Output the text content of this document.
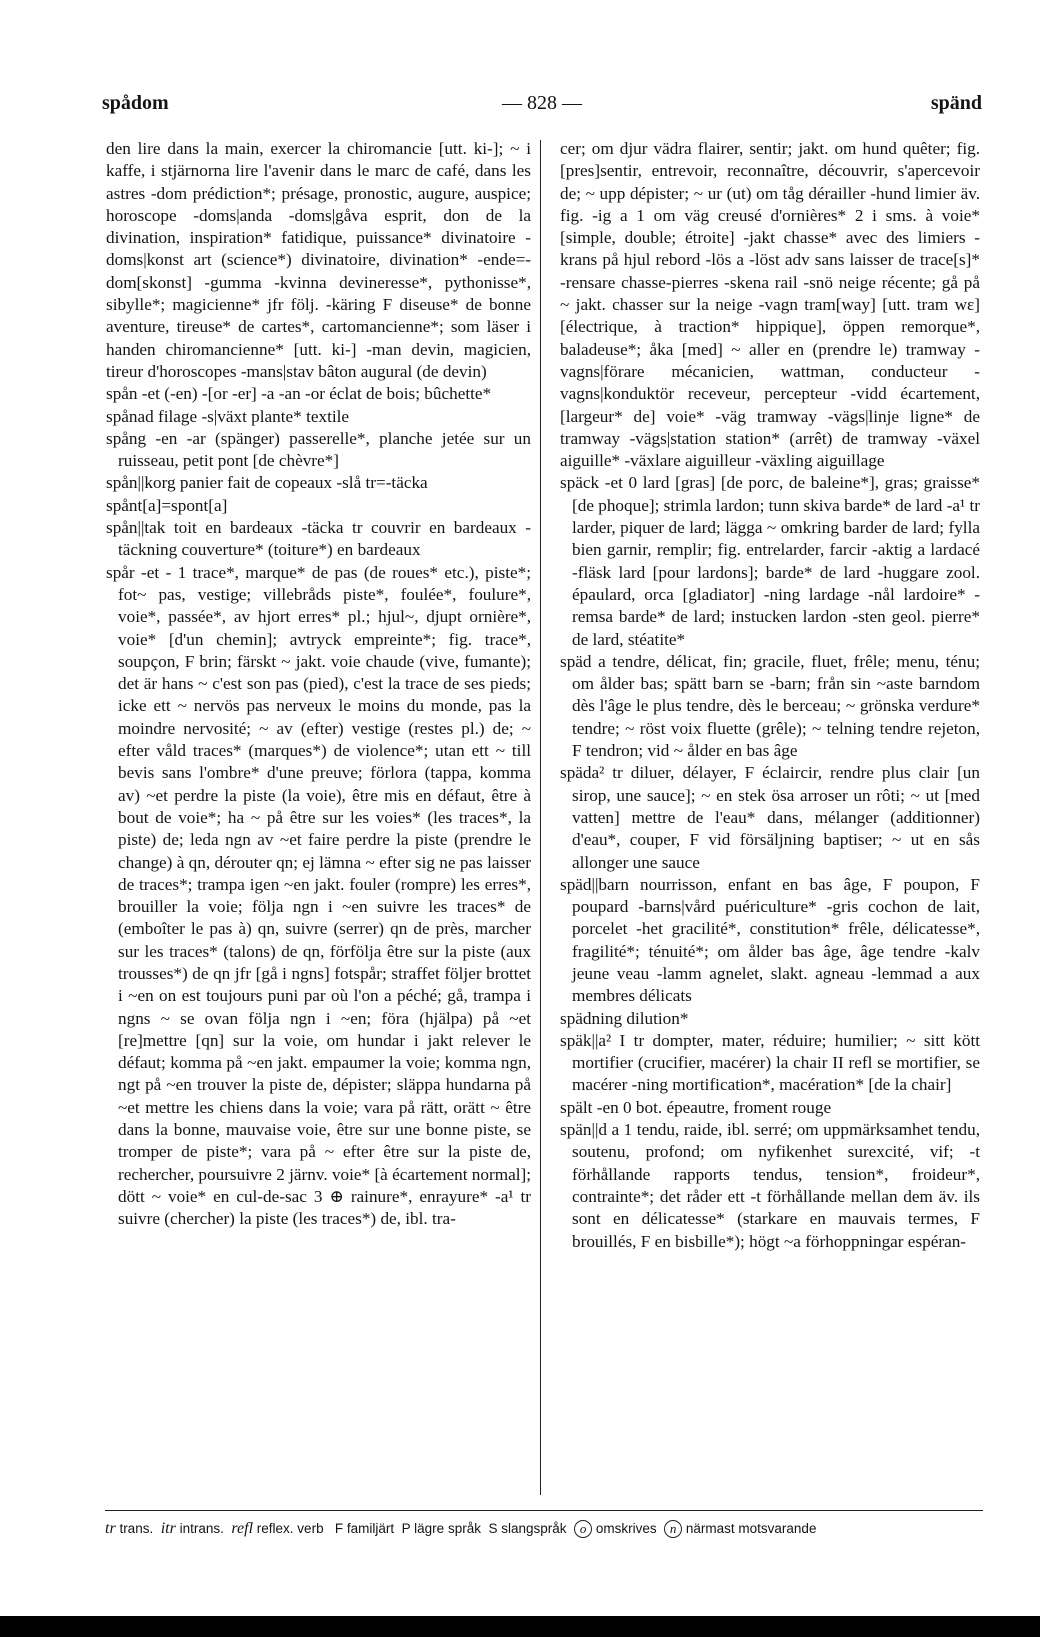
spådom	— 828 —	spänd

den lire dans la main, exercer la chiromancie [utt. ki-]; ~ i kaffe, i stjärnorna lire l'avenir dans le marc de café, dans les astres -dom prédiction*; présage, pronostic, augure, auspice; horoscope -doms|anda -doms|gåva esprit, don de la divination, inspiration* fatidique, puissance* divinatoire -doms|konst art (science*) divinatoire, divination* -ende=-dom[skonst] -gumma -kvinna devineresse*, pythonisse*, sibylle*; magicienne* jfr följ. -käring F diseuse* de bonne aventure, tireuse* de cartes*, cartomancienne*; som läser i handen chiromancienne* [utt. ki-] -man devin, magicien, tireur d'horoscopes -mans|stav bâton augural (de devin)

spån -et (-en) -[or -er] -a -an -or éclat de bois; bûchette*

spånad filage -s|växt plante* textile

spång -en -ar (spänger) passerelle*, planche jetée sur un ruisseau, petit pont [de chèvre*]

spån||korg panier fait de copeaux -slå tr=-täcka

spånt[a]=spont[a]

spån||tak toit en bardeaux -täcka tr couvrir en bardeaux -täckning couverture* (toiture*) en bardeaux

spår -et - 1 trace*, marque* de pas (de roues* etc.), piste*; fot~ pas, vestige; villebråds piste*, foulée*, foulure*, voie*, passée*, av hjort erres* pl.; hjul~, djupt ornière*, voie* [d'un chemin]; avtryck empreinte*; fig. trace*, soupçon, F brin; färskt ~ jakt. voie chaude (vive, fumante); det är hans ~ c'est son pas (pied), c'est la trace de ses pieds; icke ett ~ nervös pas nerveux le moins du monde, pas la moindre nervosité; ~ av (efter) vestige (restes pl.) de; ~ efter våld traces* (marques*) de violence*; utan ett ~ till bevis sans l'ombre* d'une preuve; förlora (tappa, komma av) ~et perdre la piste (la voie), être mis en défaut, être à bout de voie*; ha ~ på être sur les voies* (les traces*, la piste) de; leda ngn av ~et faire perdre la piste (prendre le change) à qn, dérouter qn; ej lämna ~ efter sig ne pas laisser de traces*; trampa igen ~en jakt. fouler (rompre) les erres*, brouiller la voie; följa ngn i ~en suivre les traces* de (emboîter le pas à) qn, suivre (serrer) qn de près, marcher sur les traces* (talons) de qn, förfölja être sur la piste (aux trousses*) de qn jfr [gå i ngns] fotspår; straffet följer brottet i ~en on est toujours puni par où l'on a péché; gå, trampa i ngns ~ se ovan följa ngn i ~en; föra (hjälpa) på ~et [re]mettre [qn] sur la voie, om hundar i jakt relever le défaut; komma på ~en jakt. empaumer la voie; komma ngn, ngt på ~en trouver la piste de, dépister; släppa hundarna på ~et mettre les chiens dans la voie; vara på rätt, orätt ~ être dans la bonne, mauvaise voie, être sur une bonne piste, se tromper de piste*; vara på ~ efter être sur la piste de, rechercher, poursuivre 2 järnv. voie* [à écartement normal]; dött ~ voie* en cul-de-sac 3 ⊕ rainure*, enrayure* -a¹ tr suivre (chercher) la piste (les traces*) de, ibl. tra-

cer; om djur vädra flairer, sentir; jakt. om hund quêter; fig. [pres]sentir, entrevoir, reconnaître, découvrir, s'apercevoir de; ~ upp dépister; ~ ur (ut) om tåg dérailler -hund limier äv. fig. -ig a 1 om väg creusé d'ornières* 2 i sms. à voie* [simple, double; étroite] -jakt chasse* avec des limiers -krans på hjul rebord -lös a -löst adv sans laisser de trace[s]* -rensare chasse-pierres -skena rail -snö neige récente; gå på ~ jakt. chasser sur la neige -vagn tram[way] [utt. tram wɛ] [électrique, à traction* hippique], öppen remorque*, baladeuse*; åka [med] ~ aller en (prendre le) tramway -vagns|förare mécanicien, wattman, conducteur -vagns|konduktör receveur, percepteur -vidd écartement, [largeur* de] voie* -väg tramway -vägs|linje ligne* de tramway -vägs|station station* (arrêt) de tramway -växel aiguille* -växlare aiguilleur -växling aiguillage

späck -et 0 lard [gras] [de porc, de baleine*], gras; graisse* [de phoque]; strimla lardon; tunn skiva barde* de lard -a¹ tr larder, piquer de lard; lägga ~ omkring barder de lard; fylla bien garnir, remplir; fig. entrelarder, farcir -aktig a lardacé -fläsk lard [pour lardons]; barde* de lard -huggare zool. épaulard, orca [gladiator] -ning lardage -nål lardoire* -remsa barde* de lard; instucken lardon -sten geol. pierre* de lard, stéatite*

späd a tendre, délicat, fin; gracile, fluet, frêle; menu, ténu; om ålder bas; spätt barn se -barn; från sin ~aste barndom dès l'âge le plus tendre, dès le berceau; ~ grönska verdure* tendre; ~ röst voix fluette (grêle); ~ telning tendre rejeton, F tendron; vid ~ ålder en bas âge

späda² tr diluer, délayer, F éclaircir, rendre plus clair [un sirop, une sauce]; ~ en stek ösa arroser un rôti; ~ ut [med vatten] mettre de l'eau* dans, mélanger (additionner) d'eau*, couper, F vid försäljning baptiser; ~ ut en sås allonger une sauce

späd||barn nourrisson, enfant en bas âge, F poupon, F poupard -barns|vård puériculture* -gris cochon de lait, porcelet -het gracilité*, constitution* frêle, délicatesse*, fragilité*; ténuité*; om ålder bas âge, âge tendre -kalv jeune veau -lamm agnelet, slakt. agneau -lemmad a aux membres délicats

spädning dilution*

späk||a² I tr dompter, mater, réduire; humilier; ~ sitt kött mortifier (crucifier, macérer) la chair II refl se mortifier, se macérer -ning mortification*, macération* [de la chair]

spält -en 0 bot. épeautre, froment rouge

spän||d a 1 tendu, raide, ibl. serré; om uppmärksamhet tendu, soutenu, profond; om nyfikenhet surexcité, vif; -t förhållande rapports tendus, tension*, froideur*, contrainte*; det råder ett -t förhållande mellan dem äv. ils sont en délicatesse* (starkare en mauvais termes, F brouillés, F en bisbille*); högt ~a förhoppningar espéran-

tr trans. itr intrans. refl reflex. verb F familjärt P lägre språk S slangspråk o omskrives n närmast motsvarande
